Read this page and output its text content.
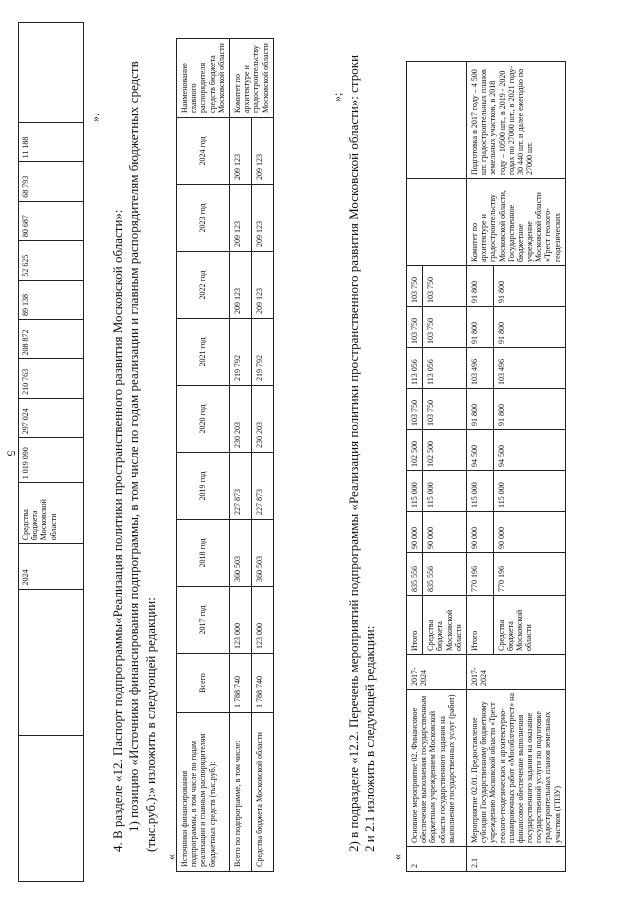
5
		2024	Средства бюджета Московской области	1 019 090	297 024	210 763	208 872	89 138	52 625	80 687	68 793	11 188	
».

4. В разделе «12. Паспорт подпрограммы«Реализация политики пространственного развития Московской области»: 1) позицию «Источники финансирования подпрограммы, в том числе по годам реализации и главным распорядителям бюджетных средств (тыс.руб.):» изложить в следующей редакции:

« Источники финансирования подпрограммы, в том числе по годам реализации и главным распорядителям бюджетных средств (тыс.руб.):	Всего	2017 год	2018 год	2019 год	2020 год	2021 год	2022 год	2023 год	2024 год	Наименование главного распорядителя средств бюджета Московской области
Всего по подпрограмме, в том числе:	1 788 740	123 000	360 503	227 873	230 203	219 792	209 123	209 123	209 123	Комитет по архитектуре и градостроительству Московской области
Средства бюджета Московской области	1 788 740	123 000	360 503	227 873	230 203	219 792	209 123	209 123	209 123	
»; 2) в подразделе «12.2. Перечень мероприятий подпрограммы «Реализация политики пространственного развития Московской области»: строки 2 и 2.1 изложить в следующей редакции:

«
2	Основное мероприятие 02. Финансовое обеспечение выполнения государственным бюджетным учреждением Московской области государственного задания на выполнение государственных услуг (работ)	2017-2024	Итого	835 556	90 000	115 000	102 500	103 750	113 056	103 750	103 750		
			Средства бюджета Московской области	835 556	90 000	115 000	102 500	103 750	113 056	103 750	103 750		
2.1	Мероприятие 02.01. Предоставление субсидии Государственному бюджетному учреждению Московской области «Трест геолого-геодезических и архитектурно-планировочных работ «Мособлгеотрест» на финансовое обеспечение выполнения государственного задания на оказание государственной услуги по подготовке градостроительных планов земельных участков (ГПЗУ)	2017-2024	Итого	770 196	90 000	115 000	94 500	91 800	103 496	91 800	91 800	Комитет по архитектуре и градостроительству Московской области, Государственное бюджетное учреждение Московской области «Трест геолого-геодезических	Подготовка в 2017 году – 4 500 шт. градостроительных планов земельных участков, в 2018 году – 10500 шт., в 2019 - 2020 годах по 27000 шт., в 2021 году- 30 440 шт. и далее ежегодно по 27000 шт.
			Средства бюджета Московской области	770 196	90 000	115 000	94 500	91 800	103 496	91 800	91 800		
